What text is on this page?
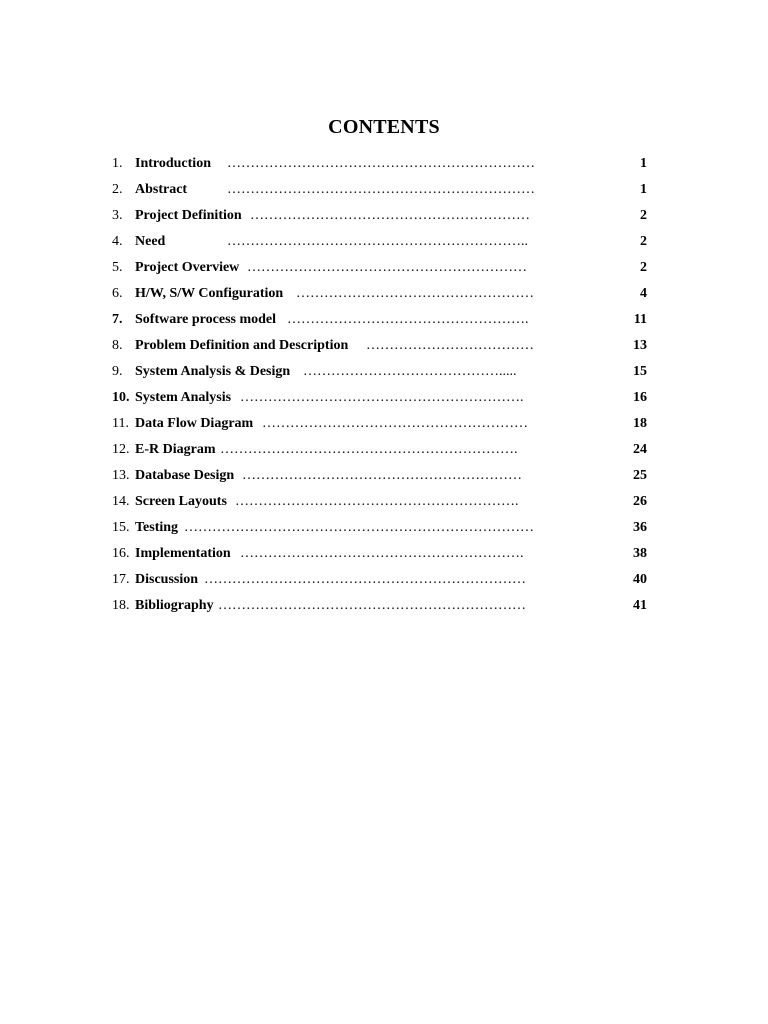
CONTENTS
1. Introduction …………………………………………………………	1
2. Abstract	…………………………………………………………	1
3. Project Definition ……………………………………………………	2
4. Need	………………………………………………………..	2
5. Project Overview ……………………………………………………	2
6. H/W, S/W Configuration ……………………………………………	4
7. Software process model …………………………………………….	11
8. Problem Definition and Description ………………………………	13
9. System Analysis & Design …………………………………….....	15
10. System Analysis …………………………………………………….	16
11. Data Flow Diagram …………………………………………………	18
12. E-R Diagram ……………………………………………………….	24
13. Database Design ……………………………………………………	25
14. Screen Layouts …………………………………………………….	26
15. Testing …………………………………………………………………	36
16. Implementation …………………………………………………….	38
17. Discussion ……………………………………………………………	40
18. Bibliography …………………………………………………………	41
